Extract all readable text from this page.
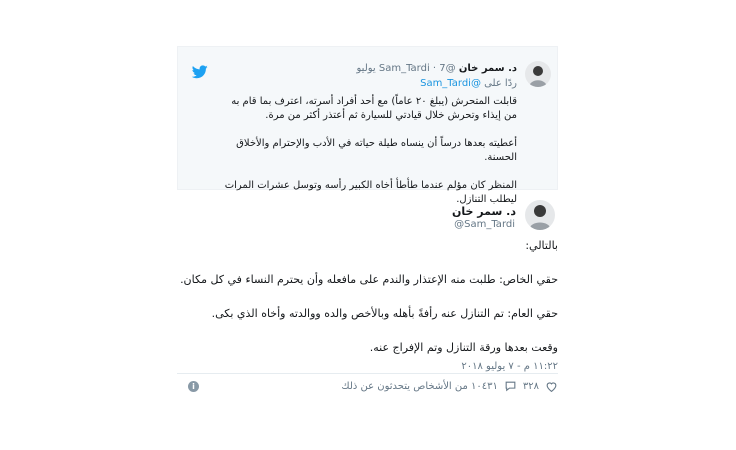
د. سمر خان @Sam_Tardi · 7 يوليو
ردًا على @Sam_Tardi

قابلت المتحرش (يبلغ ٢٠ عاماً) مع أحد أفراد أسرته، اعترف بما قام به من إيذاء وتحرش خلال قيادتي للسيارة ثم أعتذر أكثر من مرة.

أعطيته بعدها درساً أن ينساه طيلة حياته في الأدب والإحترام والأخلاق الحسنة.

المنظر كان مؤلم عندما طأطأ أخاه الكبير رأسه وتوسل عشرات المرات ليطلب التنازل.

د. سمر خان
@Sam_Tardi

بالتالي:

حقي الخاص: طلبت منه الإعتذار والندم على مافعله وأن يحترم النساء في كل مكان.

حقي العام: تم التنازل عنه رأفةً بأهله وبالأخص والده ووالدته وأخاه الذي بكى.

وقعت بعدها ورقة التنازل وتم الإفراج عنه.

١١:٢٢ م - ٧ يوليو ٢٠١٨
٣٢٨
١٠٤٣١ من الأشخاص يتحدثون عن ذلك
i
